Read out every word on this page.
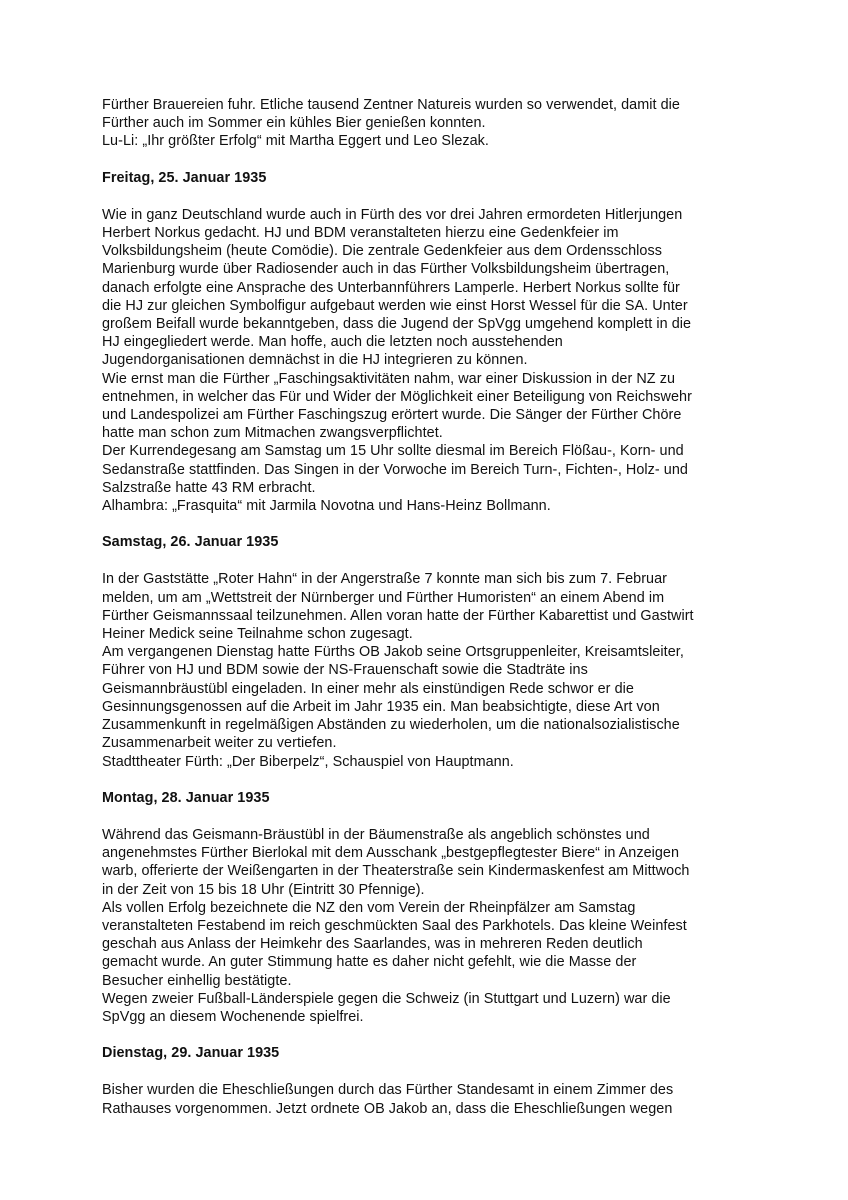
Fürther Brauereien fuhr. Etliche tausend Zentner Natureis wurden so verwendet, damit die
Fürther auch im Sommer ein kühles Bier genießen konnten.
Lu-Li: „Ihr größter Erfolg“ mit Martha Eggert und Leo Slezak.
Freitag, 25. Januar 1935
Wie in ganz Deutschland wurde auch in Fürth des vor drei Jahren ermordeten Hitlerjungen
Herbert Norkus gedacht. HJ und BDM veranstalteten hierzu eine Gedenkfeier im
Volksbildungsheim (heute Comödie). Die zentrale Gedenkfeier aus dem Ordensschloss
Marienburg wurde über Radiosender auch in das Fürther Volksbildungsheim übertragen,
danach erfolgte eine Ansprache des Unterbannführers Lamperle. Herbert Norkus sollte für
die HJ zur gleichen Symbolfigur aufgebaut werden wie einst Horst Wessel für die SA. Unter
großem Beifall wurde bekanntgeben, dass die Jugend der SpVgg umgehend komplett in die
HJ eingegliedert werde. Man hoffe, auch die letzten noch ausstehenden
Jugendorganisationen demnächst in die HJ integrieren zu können.
Wie ernst man die Fürther „Faschingsaktivitäten nahm, war einer Diskussion in der NZ zu
entnehmen, in welcher das Für und Wider der Möglichkeit einer Beteiligung von Reichswehr
und Landespolizei am Fürther Faschingszug erörtert wurde. Die Sänger der Fürther Chöre
hatte man schon zum Mitmachen zwangsverpflichtet.
Der Kurrendegesang am Samstag um 15 Uhr sollte diesmal im Bereich Flößau-, Korn- und
Sedanstraße stattfinden. Das Singen in der Vorwoche im Bereich Turn-, Fichten-, Holz- und
Salzstraße hatte 43 RM erbracht.
Alhambra: „Frasquita“ mit Jarmila Novotna und Hans-Heinz Bollmann.
Samstag, 26. Januar 1935
In der Gaststätte „Roter Hahn“ in der Angerstraße 7 konnte man sich bis zum 7. Februar
melden, um am „Wettstreit der Nürnberger und Fürther Humoristen“ an einem Abend im
Fürther Geismannssaal teilzunehmen. Allen voran hatte der Fürther Kabarettist und Gastwirt
Heiner Medick seine Teilnahme schon zugesagt.
Am vergangenen Dienstag hatte Fürths OB Jakob seine Ortsgruppenleiter, Kreisamtsleiter,
Führer von HJ und BDM sowie der NS-Frauenschaft sowie die Stadträte ins
Geismannbräustübl eingeladen. In einer mehr als einstündigen Rede schwor er die
Gesinnungsgenossen auf die Arbeit im Jahr 1935 ein. Man beabsichtigte, diese Art von
Zusammenkunft in regelmäßigen Abständen zu wiederholen, um die nationalsozialistische
Zusammenarbeit weiter zu vertiefen.
Stadttheater Fürth: „Der Biberpelz“, Schauspiel von Hauptmann.
Montag, 28. Januar 1935
Während das Geismann-Bräustübl in der Bäumenstraße als angeblich schönstes und
angenehmstes Fürther Bierlokal mit dem Ausschank „bestgepflegtester Biere“ in Anzeigen
warb, offerierte der Weißengarten in der Theaterstraße sein Kindermaskenfest am Mittwoch
in der Zeit von 15 bis 18 Uhr (Eintritt 30 Pfennige).
Als vollen Erfolg bezeichnete die NZ den vom Verein der Rheinpfälzer am Samstag
veranstalteten Festabend im reich geschmückten Saal des Parkhotels. Das kleine Weinfest
geschah aus Anlass der Heimkehr des Saarlandes, was in mehreren Reden deutlich
gemacht wurde. An guter Stimmung hatte es daher nicht gefehlt, wie die Masse der
Besucher einhellig bestätigte.
Wegen zweier Fußball-Länderspiele gegen die Schweiz (in Stuttgart und Luzern) war die
SpVgg an diesem Wochenende spielfrei.
Dienstag, 29. Januar 1935
Bisher wurden die Eheschließungen durch das Fürther Standesamt in einem Zimmer des
Rathauses vorgenommen. Jetzt ordnete OB Jakob an, dass die Eheschließungen wegen
